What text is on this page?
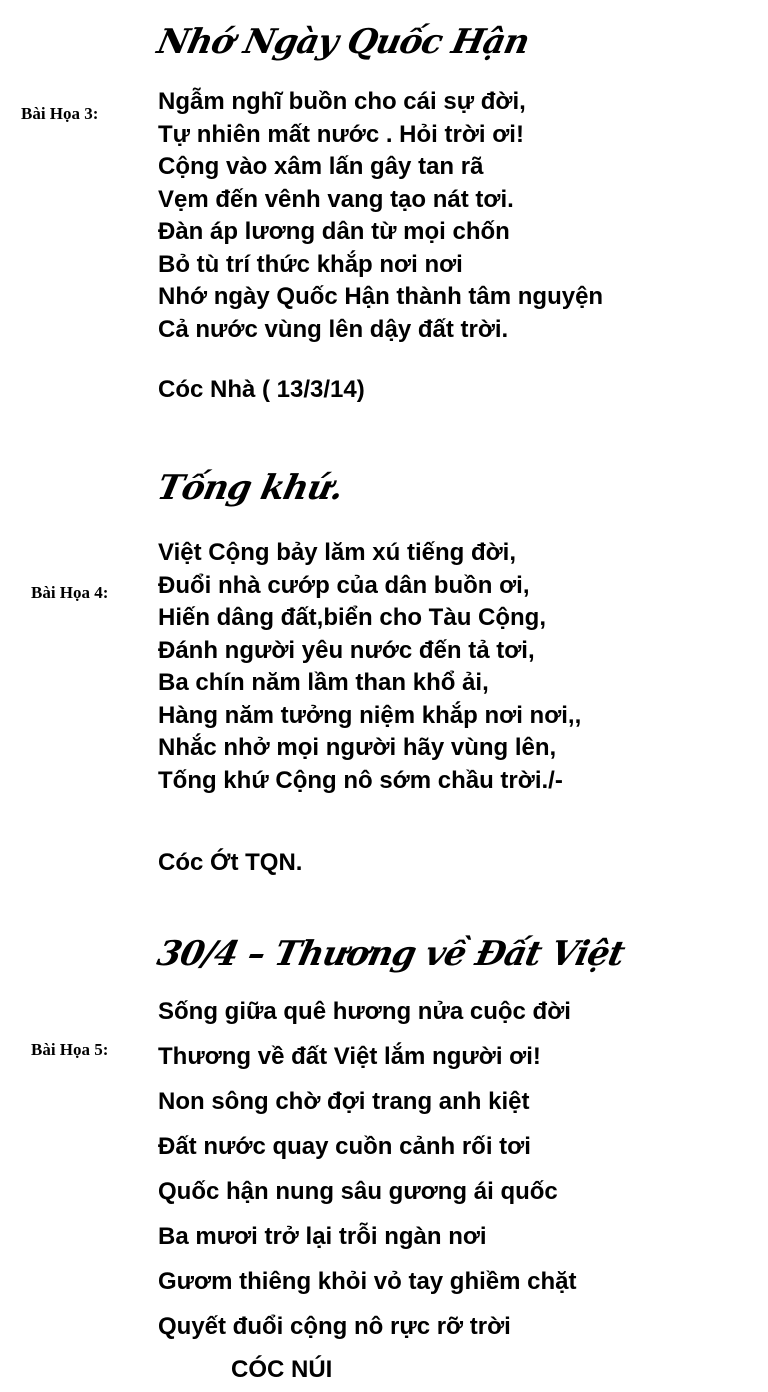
Nhớ Ngày Quốc Hận
Bài Họa 3: Ngẫm nghĩ buồn cho cái sự đời,
Tự nhiên mất nước . Hỏi trời ơi!
Cộng vào xâm lấn gây tan rã
Vẹm đến vênh vang tạo nát tơi.
Đàn áp lương dân từ mọi chốn
Bỏ tù trí thức khắp nơi nơi
Nhớ ngày Quốc Hận thành tâm nguyện
Cả nước vùng lên dậy đất trời.
Cóc Nhà ( 13/3/14)
Tống khứ.
Bài Họa 4:
Việt Cộng bảy lăm xú tiếng đời,
Đuổi nhà cướp của dân buồn ơi,
Hiến dâng đất,biển cho Tàu Cộng,
Đánh người yêu nước đến tả tơi,
Ba chín năm lầm than khổ ải,
Hàng năm tưởng niệm khắp nơi nơi,,
Nhắc nhở mọi người hãy vùng lên,
Tống khứ Cộng nô sớm chầu trời./-
Cóc Ớt TQN.
30/4 – Thương về Đất Việt
Bài Họa 5:
Sống giữa quê hương nửa cuộc đời
Thương về đất Việt lắm người ơi!
Non sông chờ đợi trang anh kiệt
Đất nước quay cuồn cảnh rối tơi
Quốc hận nung sâu gương ái quốc
Ba mươi trở lại trỗi ngàn nơi
Gươm thiêng khỏi vỏ tay ghiềm chặt
Quyết đuổi cộng nô rực rỡ trời
CÓC NÚI
